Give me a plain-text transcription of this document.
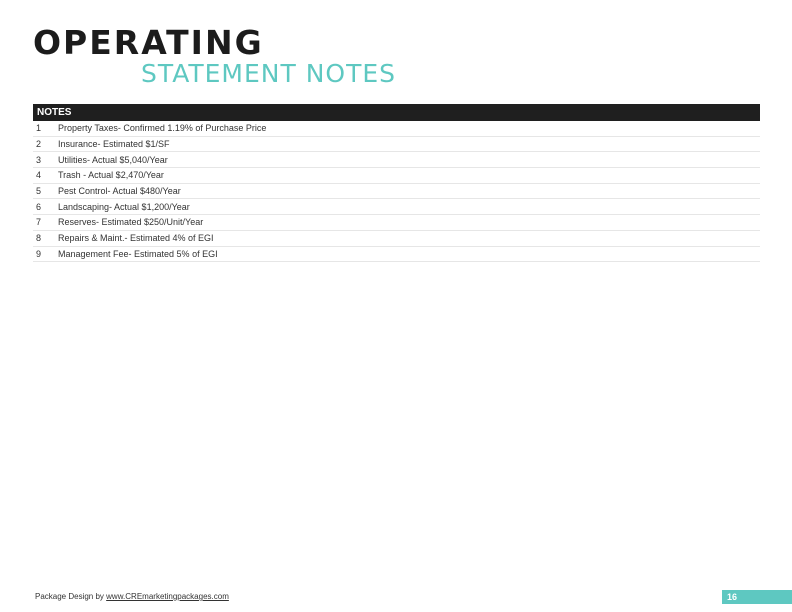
OPERATING
STATEMENT NOTES
NOTES
1	Property Taxes- Confirmed 1.19% of Purchase Price
2	Insurance- Estimated $1/SF
3	Utilities- Actual $5,040/Year
4	Trash - Actual $2,470/Year
5	Pest Control- Actual $480/Year
6	Landscaping- Actual $1,200/Year
7	Reserves- Estimated $250/Unit/Year
8	Repairs & Maint.- Estimated 4% of EGI
9	Management Fee- Estimated 5% of EGI
Package Design by www.CREmarketingpackages.com	16
